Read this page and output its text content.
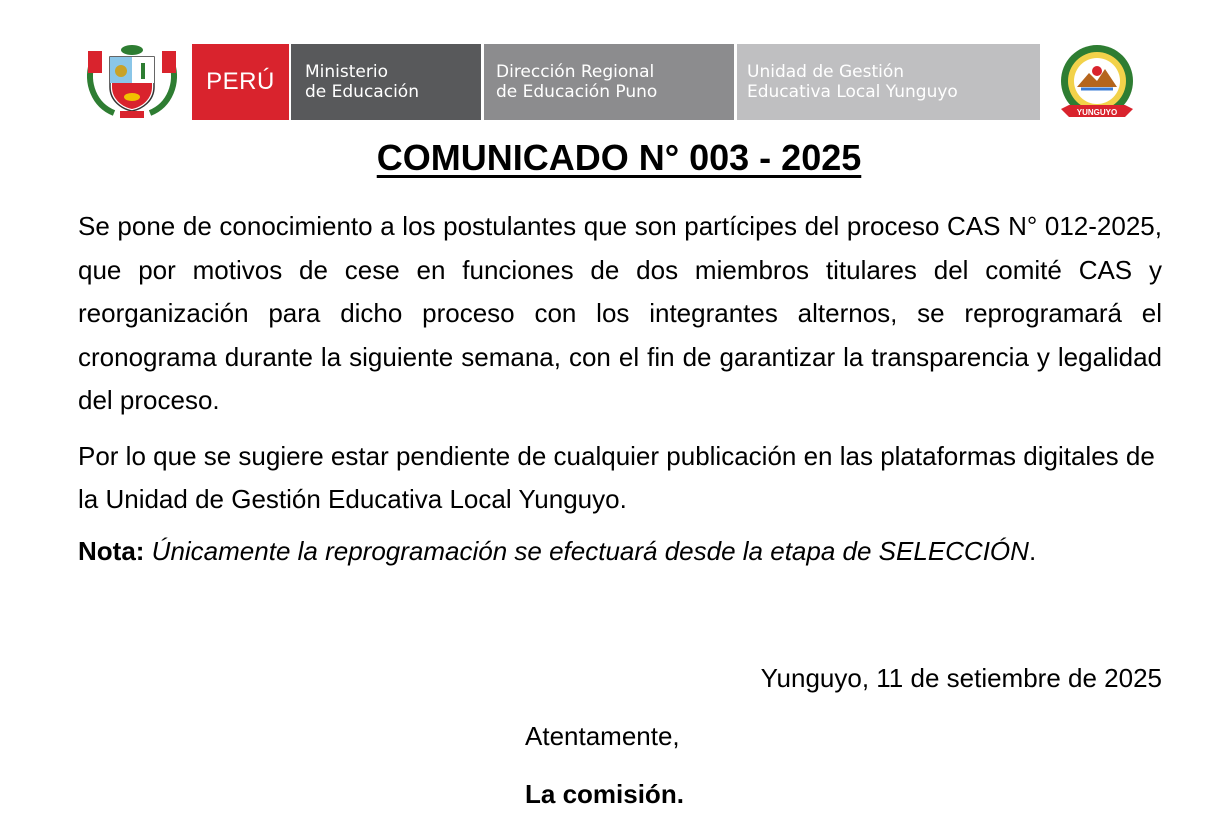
PERÚ Ministerio
de Educación
Dirección Regional
de Educación Puno
Unidad de Gestión
Educativa Local Yunguyo
YUNGUYO
COMUNICADO N° 003 - 2025

Se pone de conocimiento a los postulantes que son partícipes del proceso CAS N° 012-2025, que por motivos de cese en funciones de dos miembros titulares del comité CAS y reorganización para dicho proceso con los integrantes alternos, se reprogramará el cronograma durante la siguiente semana, con el fin de garantizar la transparencia y legalidad del proceso.

Por lo que se sugiere estar pendiente de cualquier publicación en las plataformas digitales de la Unidad de Gestión Educativa Local Yunguyo.

Nota: Únicamente la reprogramación se efectuará desde la etapa de SELECCIÓN.

Yunguyo, 11 de setiembre de 2025
Atentamente,
La comisión.
